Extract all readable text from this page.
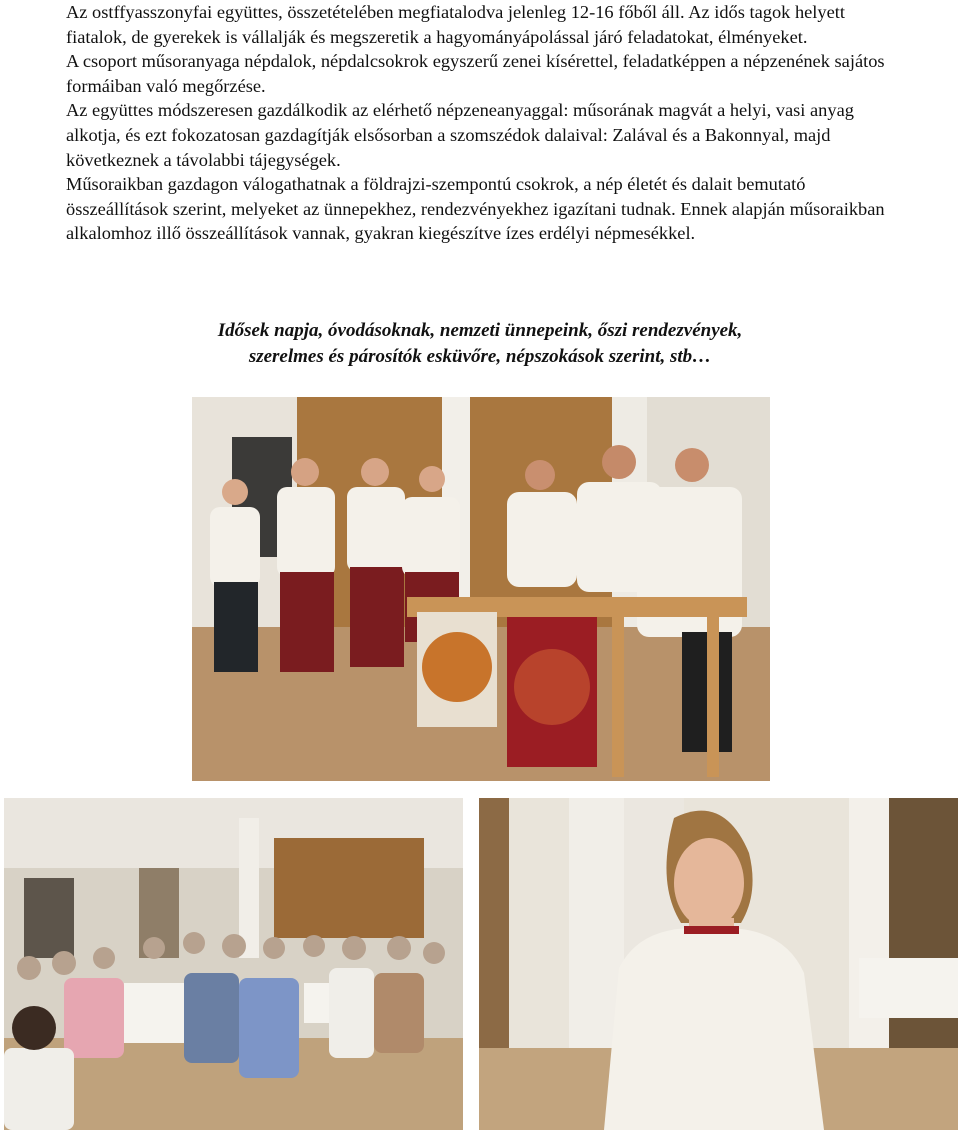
Az ostffyasszonyfai együttes, összetételében megfiatalodva jelenleg 12-16 főből áll. Az idős tagok helyett fiatalok, de gyerekek is vállalják és megszeretik a hagyományápolással járó feladatokat, élményeket.

A csoport műsoranyaga népdalok, népdalcsokrok egyszerű zenei kísérettel, feladatképpen a népzenének sajátos formáiban való megőrzése.

Az együttes módszeresen gazdálkodik az elérhető népzeneanyaggal: műsorának magvát a helyi, vasi anyag alkotja, és ezt fokozatosan gazdagítják elsősorban a szomszédok dalaival: Zalával és a Bakonnyal, majd következnek a távolabbi tájegységek.

Műsoraikban gazdagon válogathatnak a földrajzi-szempontú csokrok, a nép életét és dalait bemutató összeállítások szerint, melyeket az ünnepekhez, rendezvényekhez igazítani tudnak. Ennek alapján műsoraikban alkalomhoz illő összeállítások vannak, gyakran kiegészítve ízes erdélyi népmesékkel.

Idősek napja, óvodásoknak, nemzeti ünnepeink, őszi rendezvények,
szerelmes és párosítók esküvőre, népszokások szerint, stb…
